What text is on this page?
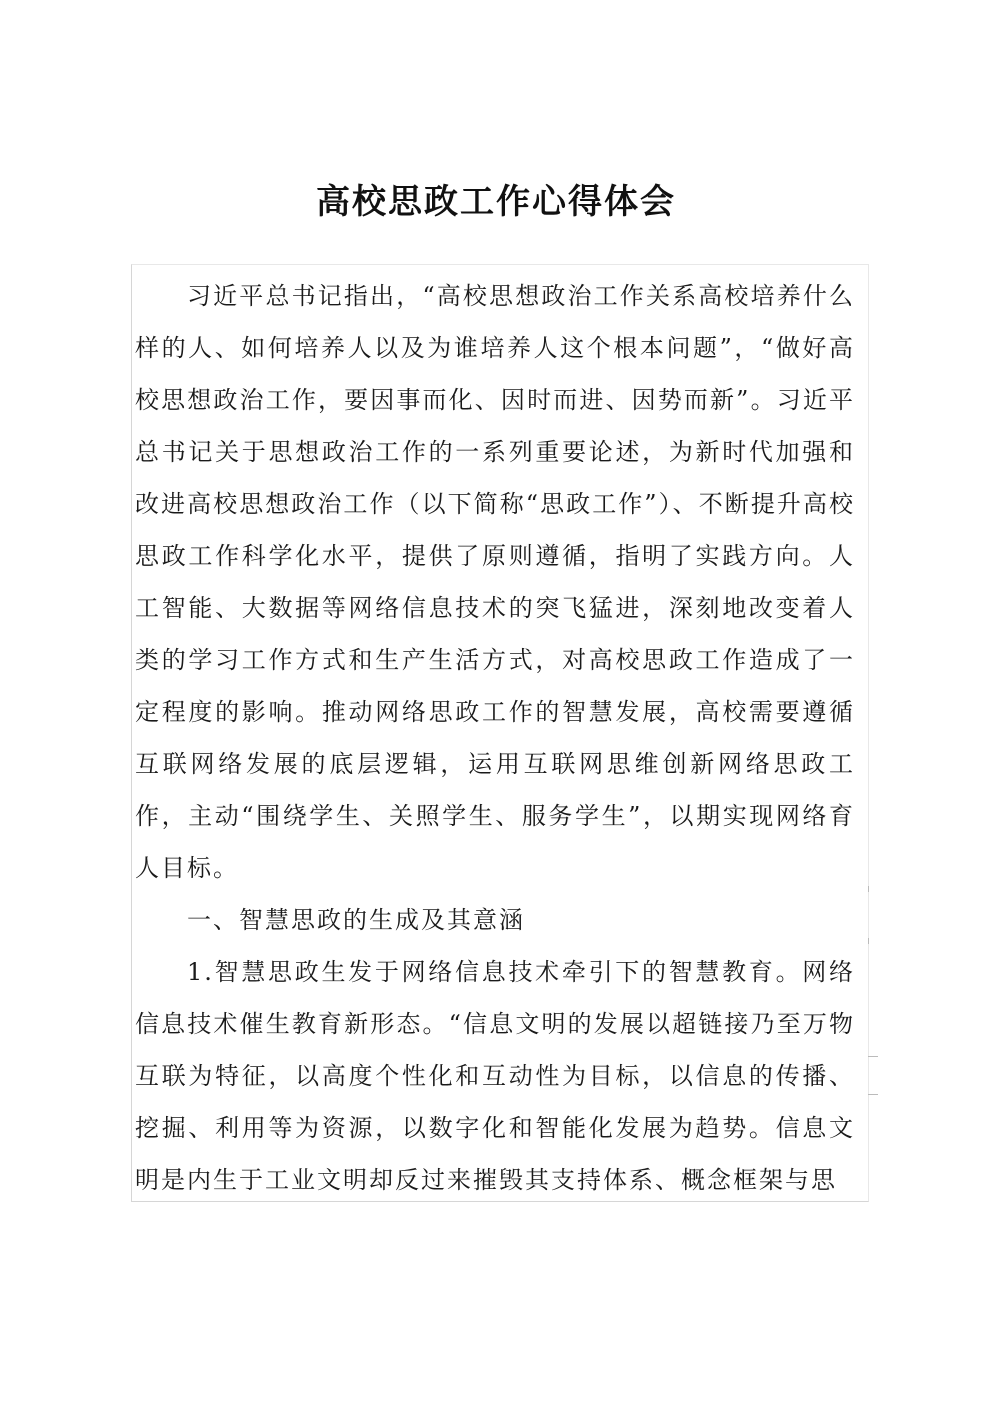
高校思政工作心得体会

习近平总书记指出，“高校思想政治工作关系高校培养什么样的人、如何培养人以及为谁培养人这个根本问题”，“做好高校思想政治工作，要因事而化、因时而进、因势而新”。习近平总书记关于思想政治工作的一系列重要论述，为新时代加强和改进高校思想政治工作（以下简称“思政工作”）、不断提升高校思政工作科学化水平，提供了原则遵循，指明了实践方向。人工智能、大数据等网络信息技术的突飞猛进，深刻地改变着人类的学习工作方式和生产生活方式，对高校思政工作造成了一定程度的影响。推动网络思政工作的智慧发展，高校需要遵循互联网络发展的底层逻辑，运用互联网思维创新网络思政工作，主动“围绕学生、关照学生、服务学生”，以期实现网络育人目标。

一、智慧思政的生成及其意涵

1.智慧思政生发于网络信息技术牵引下的智慧教育。网络信息技术催生教育新形态。“信息文明的发展以超链接乃至万物互联为特征，以高度个性化和互动性为目标，以信息的传播、挖掘、利用等为资源，以数字化和智能化发展为趋势。信息文明是内生于工业文明却反过来摧毁其支持体系、概念框架与思
